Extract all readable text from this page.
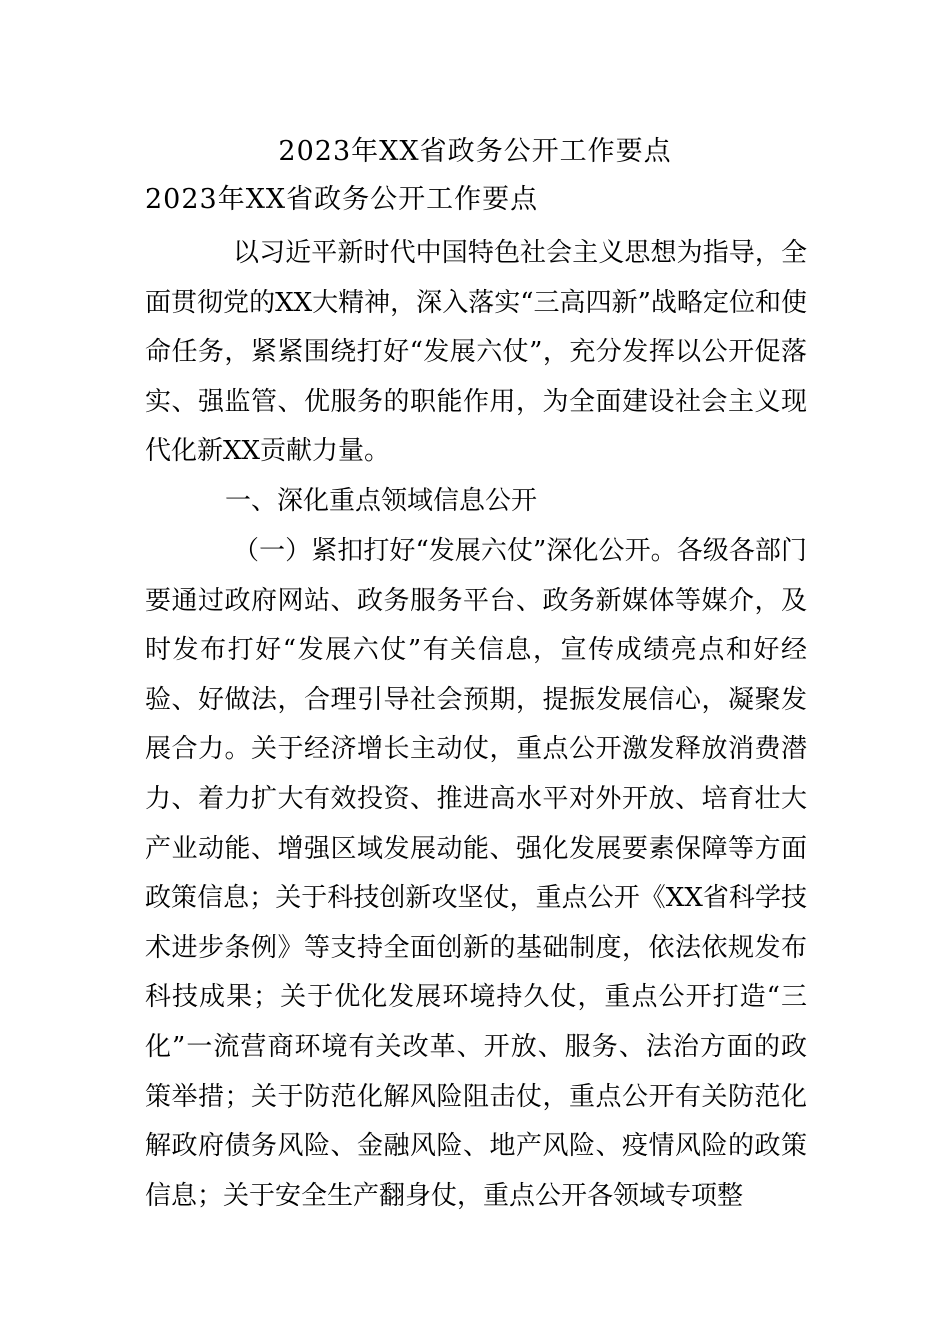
2023年XX省政务公开工作要点
2023年XX省政务公开工作要点
以习近平新时代中国特色社会主义思想为指导，全面贯彻党的XX大精神，深入落实“三高四新”战略定位和使命任务，紧紧围绕打好“发展六仗”，充分发挥以公开促落实、强监管、优服务的职能作用，为全面建设社会主义现代化新XX贡献力量。
一、深化重点领域信息公开
（一）紧扣打好“发展六仗”深化公开。各级各部门要通过政府网站、政务服务平台、政务新媒体等媒介，及时发布打好“发展六仗”有关信息，宣传成绩亮点和好经验、好做法，合理引导社会预期，提振发展信心，凝聚发展合力。关于经济增长主动仗，重点公开激发释放消费潜力、着力扩大有效投资、推进高水平对外开放、培育壮大产业动能、增强区域发展动能、强化发展要素保障等方面政策信息；关于科技创新攻坚仗，重点公开《XX省科学技术进步条例》等支持全面创新的基础制度，依法依规发布科技成果；关于优化发展环境持久仗，重点公开打造“三化”一流营商环境有关改革、开放、服务、法治方面的政策举措；关于防范化解风险阻击仗，重点公开有关防范化解政府债务风险、金融风险、地产风险、疫情风险的政策信息；关于安全生产翻身仗，重点公开各领域专项整
